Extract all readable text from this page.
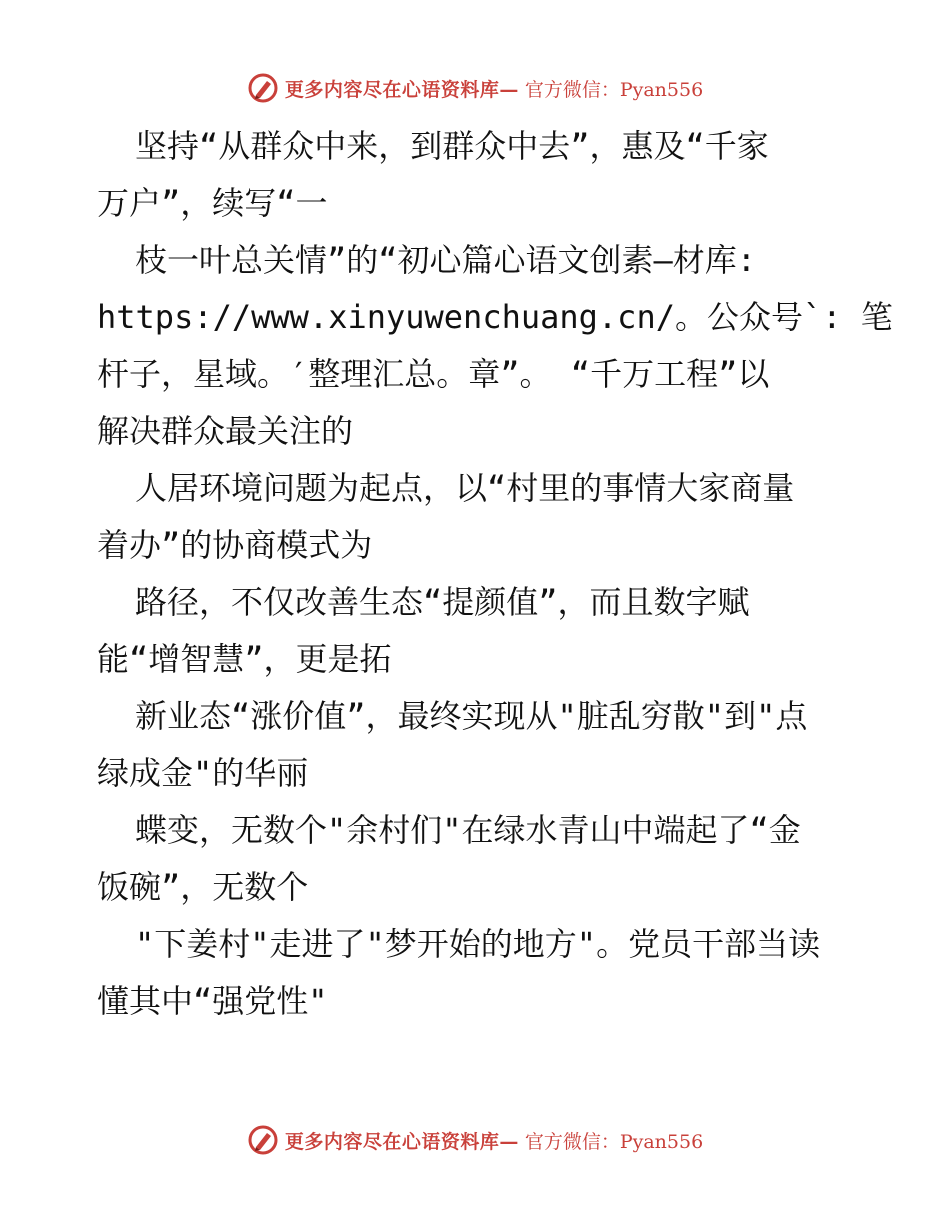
更多内容尽在心语资料库— 官方微信：Pyan556
坚持“从群众中来，到群众中去”，惠及“千家
万户”，续写“一
枝一叶总关情”的“初心篇心语文创素—材库:
https://www.xinyuwenchuang.cn/。公众号`: 笔
杆子，星域。′整理汇总。章”。 “千万工程”以
解决群众最关注的
人居环境问题为起点，以“村里的事情大家商量
着办”的协商模式为
路径，不仅改善生态“提颜值”，而且数字赋
能“增智慧”，更是拓
新业态“涨价值”，最终实现从"脏乱穷散"到"点
绿成金"的华丽
蝶变，无数个"余村们"在绿水青山中端起了“金
饭碗”，无数个
"下姜村"走进了"梦开始的地方"。党员干部当读
懂其中“强党性"
更多内容尽在心语资料库— 官方微信：Pyan556
